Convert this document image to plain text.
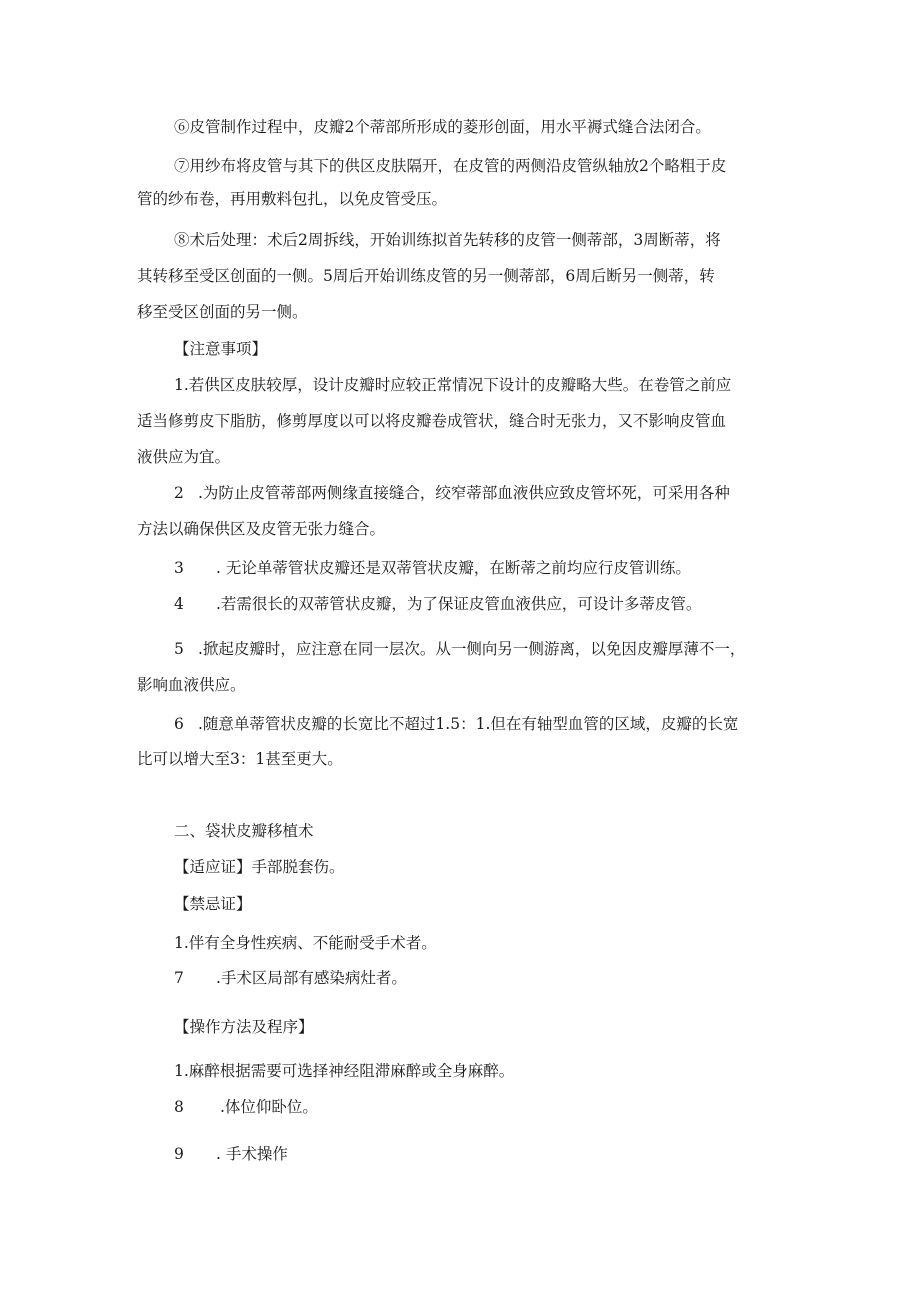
⑥皮管制作过程中，皮瓣2个蒂部所形成的菱形创面，用水平褥式缝合法闭合。
⑦用纱布将皮管与其下的供区皮肤隔开，在皮管的两侧沿皮管纵轴放2个略粗于皮
管的纱布卷，再用敷料包扎，以免皮管受压。
⑧术后处理：术后2周拆线，开始训练拟首先转移的皮管一侧蒂部，3周断蒂，将
其转移至受区创面的一侧。5周后开始训练皮管的另一侧蒂部，6周后断另一侧蒂，转
移至受区创面的另一侧。
【注意事项】
1.若供区皮肤较厚，设计皮瓣时应较正常情况下设计的皮瓣略大些。在卷管之前应
适当修剪皮下脂肪，修剪厚度以可以将皮瓣卷成管状，缝合时无张力，又不影响皮管血
液供应为宜。
2 .为防止皮管蒂部两侧缘直接缝合，绞窄蒂部血液供应致皮管坏死，可采用各种
方法以确保供区及皮管无张力缝合。
3 . 无论单蒂管状皮瓣还是双蒂管状皮瓣，在断蒂之前均应行皮管训练。
4 .若需很长的双蒂管状皮瓣，为了保证皮管血液供应，可设计多蒂皮管。
5 .掀起皮瓣时，应注意在同一层次。从一侧向另一侧游离，以免因皮瓣厚薄不一，
影响血液供应。
6 .随意单蒂管状皮瓣的长宽比不超过1.5：1.但在有轴型血管的区域，皮瓣的长宽
比可以增大至3：1甚至更大。
二、袋状皮瓣移植术
【适应证】手部脱套伤。
【禁忌证】
1.伴有全身性疾病、不能耐受手术者。
7 .手术区局部有感染病灶者。
【操作方法及程序】
1.麻醉根据需要可选择神经阻滞麻醉或全身麻醉。
8 .体位仰卧位。
9 . 手术操作
